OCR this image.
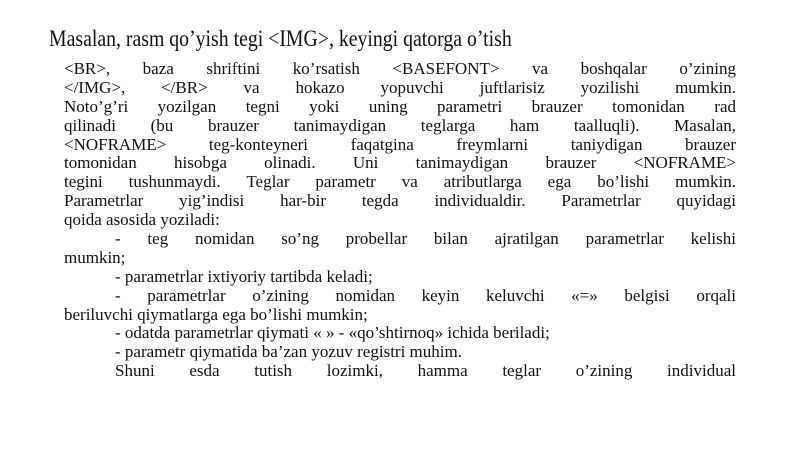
Masalan, rasm qo’yish tegi <IMG>, keyingi qatorga o’tish
<BR>, baza shriftini ko’rsatish <BASEFONT> va boshqalar o’zining
</IMG>, </BR> va hokazo yopuvchi juftlarisiz yozilishi mumkin.
Noto’g’ri yozilgan tegni yoki uning parametri brauzer tomonidan rad
qilinadi (bu brauzer tanimaydigan teglarga ham taalluqli). Masalan,
<NOFRAME> teg-konteyneri faqatgina freymlarni taniydigan brauzer
tomonidan hisobga olinadi. Uni tanimaydigan brauzer <NOFRAME>
tegini tushunmaydi. Teglar parametr va atributlarga ega bo’lishi mumkin.
Parametrlar yig’indisi har-bir tegda individualdir. Parametrlar quyidagi
qoida asosida yoziladi:
- teg nomidan so’ng probellar bilan ajratilgan parametrlar kelishi
mumkin;
- parametrlar ixtiyoriy tartibda keladi;
- parametrlar o’zining nomidan keyin keluvchi «=» belgisi orqali
beriluvchi qiymatlarga ega bo’lishi mumkin;
- odatda parametrlar qiymati « » - «qo’shtirnoq» ichida beriladi;
- parametr qiymatida ba’zan yozuv registri muhim.
Shuni esda tutish lozimki, hamma teglar o’zining individual
